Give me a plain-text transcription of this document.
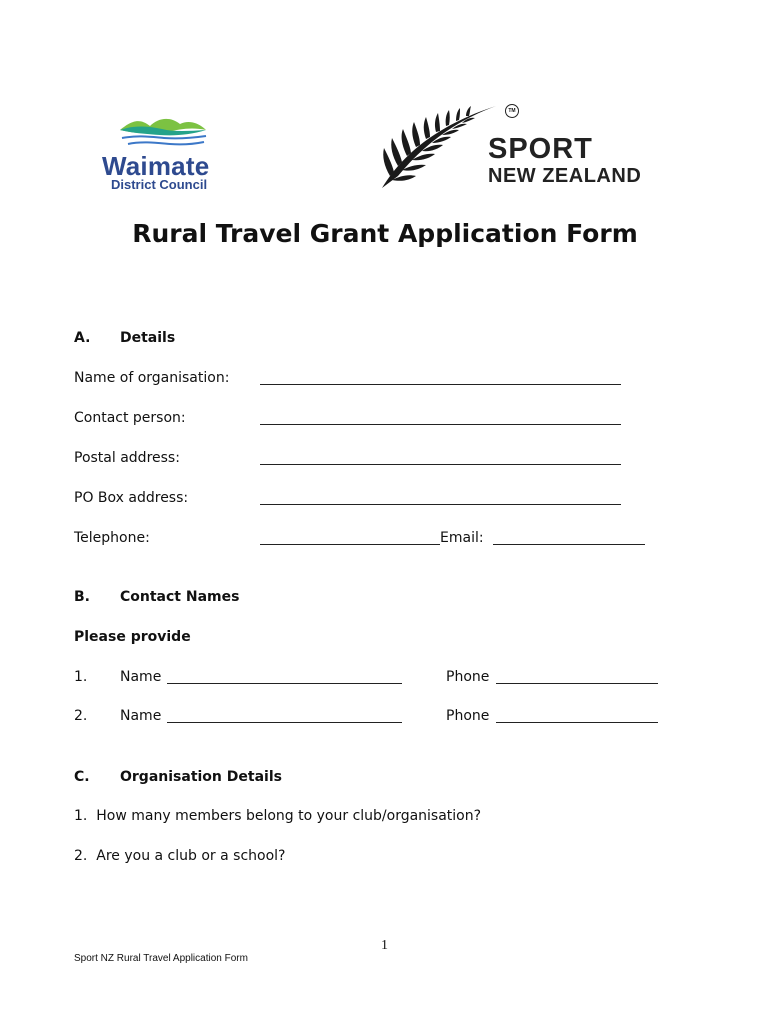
Waimate
District Council
SPORT
NEW ZEALAND
TM
Rural Travel Grant Application Form
A. Details
Name of organisation:
Contact person:
Postal address:
PO Box address:
Telephone:	Email:
B. Contact Names
Please provide
1. Name	Phone
2. Name	Phone
C. Organisation Details
1.  How many members belong to your club/organisation?
2.  Are you a club or a school?
1
Sport NZ Rural Travel Application Form
